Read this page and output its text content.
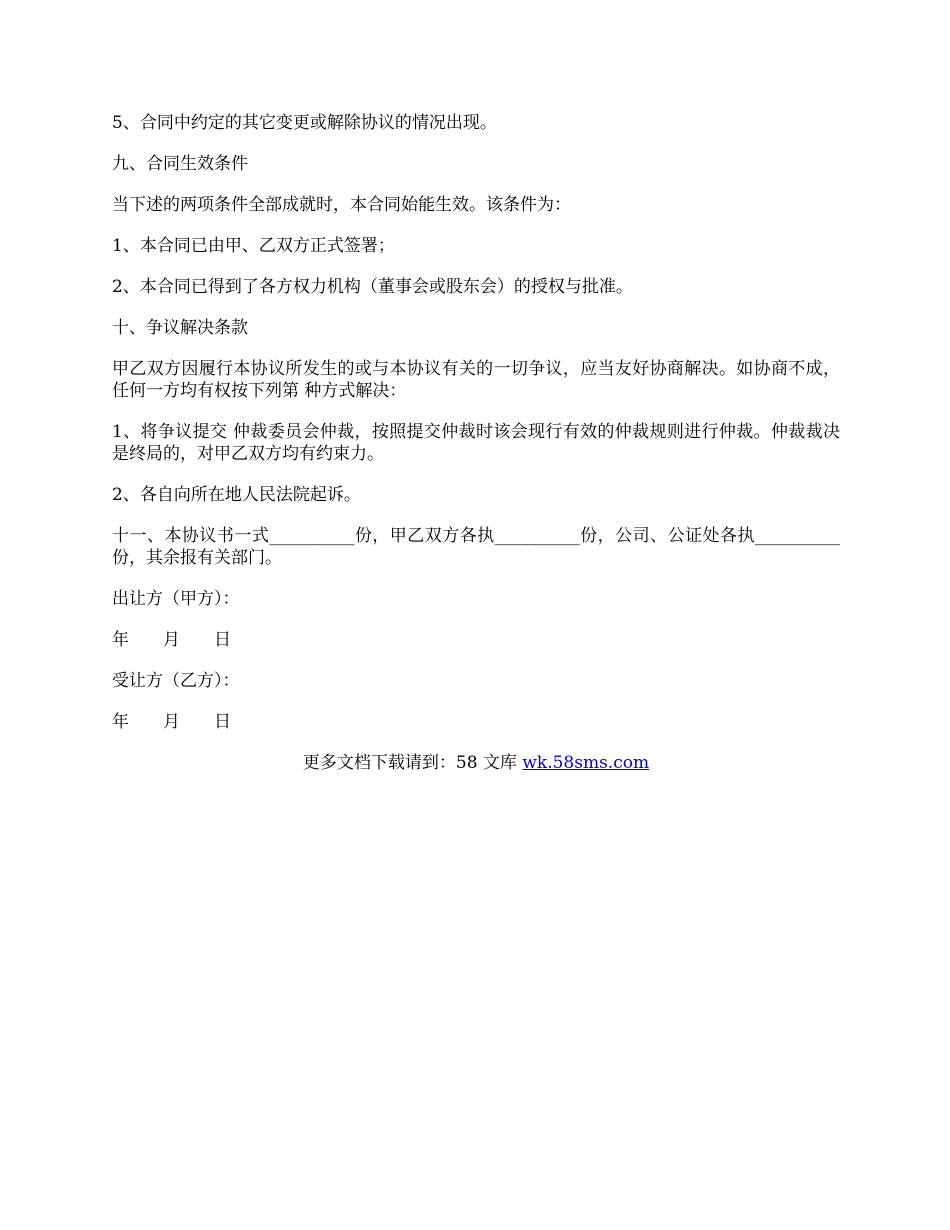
5、合同中约定的其它变更或解除协议的情况出现。

九、合同生效条件

当下述的两项条件全部成就时，本合同始能生效。该条件为：

1、本合同已由甲、乙双方正式签署；

2、本合同已得到了各方权力机构（董事会或股东会）的授权与批准。

十、争议解决条款

甲乙双方因履行本协议所发生的或与本协议有关的一切争议，应当友好协商解决。如协商不成，任何一方均有权按下列第 种方式解决：

1、将争议提交 仲裁委员会仲裁，按照提交仲裁时该会现行有效的仲裁规则进行仲裁。仲裁裁决是终局的，对甲乙双方均有约束力。

2、各自向所在地人民法院起诉。

十一、本协议书一式__________份，甲乙双方各执__________份，公司、公证处各执__________份，其余报有关部门。

出让方（甲方）：

年　　月　　日

受让方（乙方）：

年　　月　　日

更多文档下载请到：58 文库 wk.58sms.com
